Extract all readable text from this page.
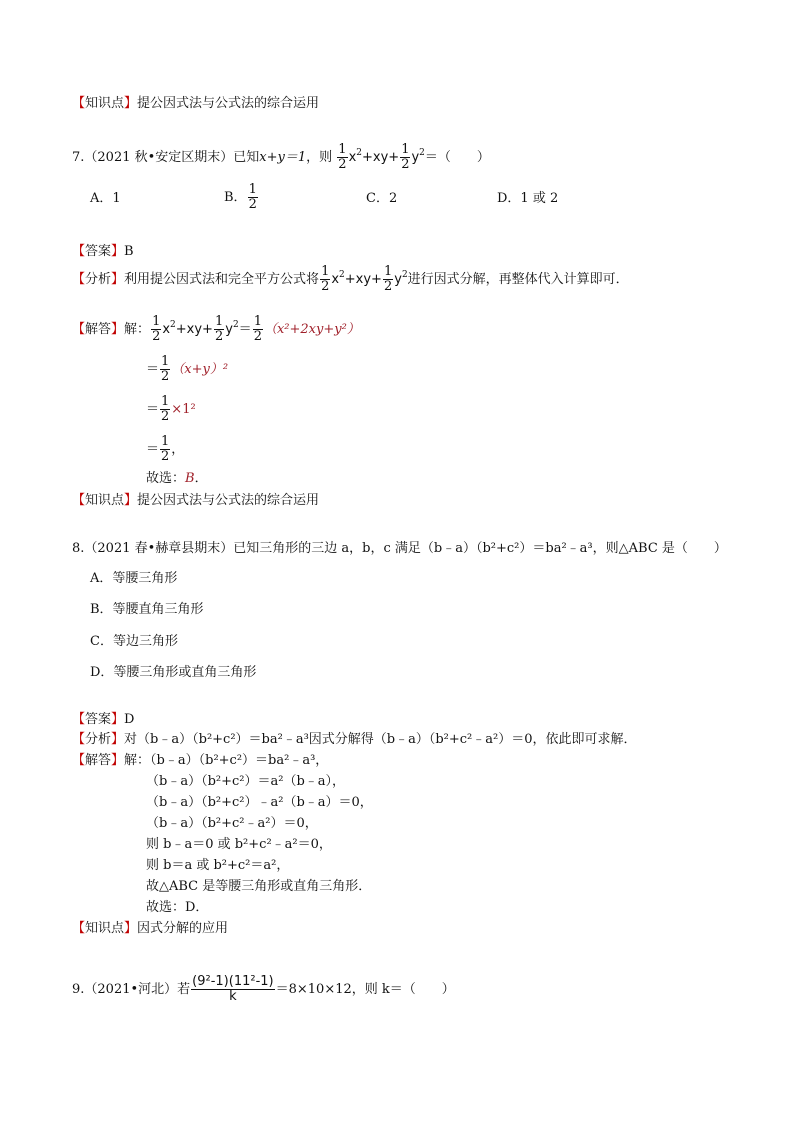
【知识点】提公因式法与公式法的综合运用
7.（2021 秋•安定区期末）已知x+y＝1，则 $\frac{1}{2} x^2+xy+ \frac{1}{2} y^2=$（　　）
A．1	B． $\frac{1}{2}$	C．2	D．1 或 2
【答案】B
【分析】利用提公因式法和完全平方公式将 $\frac{1}{2} x^2+xy+ \frac{1}{2} y^2$进行因式分解，再整体代入计算即可．
【解答】解： $\frac{1}{2} x^2+xy+ \frac{1}{2} y^2= \frac{1}{2} (x^2+2xy+y^2)$
＝ $\frac{1}{2} (x+y)^2$
＝ $\frac{1}{2} \times 1^2$
＝ $\frac{1}{2}$ ，
故选：B．
【知识点】提公因式法与公式法的综合运用
8.（2021 春•赫章县期末）已知三角形的三边 a，b，c 满足（b﹣a）（b²+c²）＝ba²﹣a³，则△ABC 是（　　）
A．等腰三角形
B．等腰直角三角形
C．等边三角形
D．等腰三角形或直角三角形
【答案】D
【分析】对（b﹣a）（b²+c²）＝ba²﹣a³因式分解得（b﹣a）（b²+c²﹣a²）＝0，依此即可求解．
【解答】解：（b﹣a）（b²+c²）＝ba²﹣a³，
（b﹣a）（b²+c²）＝a²（b﹣a），
（b﹣a）（b²+c²）﹣a²（b﹣a）＝0，
（b﹣a）（b²+c²﹣a²）＝0，
则 b﹣a＝0 或 b²+c²﹣a²＝0，
则 b＝a 或 b²+c²＝a²，
故△ABC 是等腰三角形或直角三角形．
故选：D．
【知识点】因式分解的应用
9.（2021•河北）若 $\frac{\text{(9²-1)(11²-1)}}{k} =8\times 10\times 12$，则 k＝（　　）
